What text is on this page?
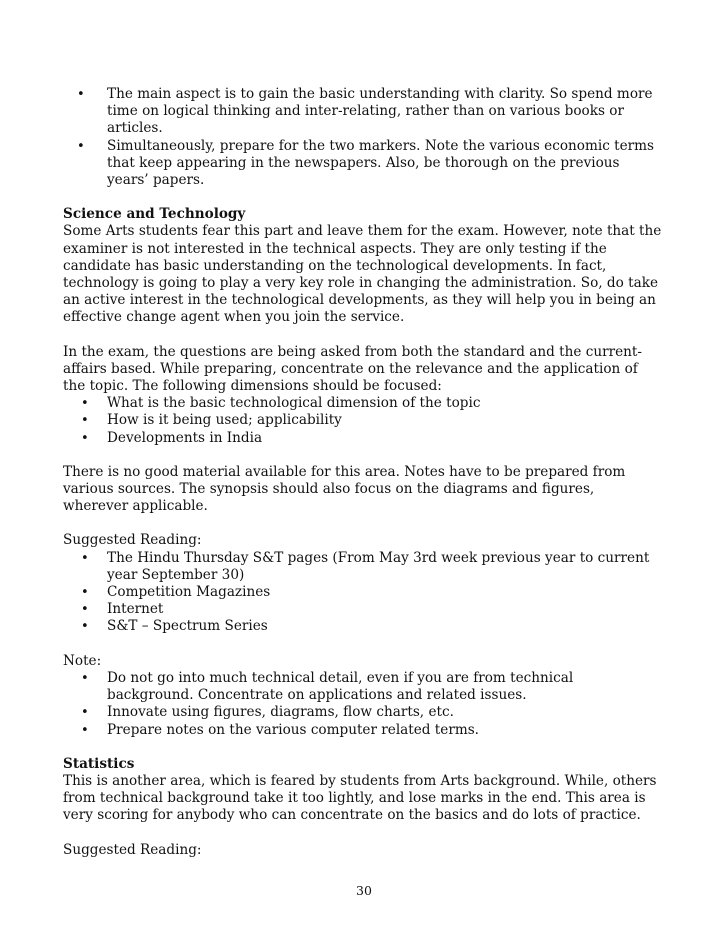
• The main aspect is to gain the basic understanding with clarity. So spend more time on logical thinking and inter-relating, rather than on various books or articles.
• Simultaneously, prepare for the two markers. Note the various economic terms that keep appearing in the newspapers. Also, be thorough on the previous years’ papers.

Science and Technology

Some Arts students fear this part and leave them for the exam. However, note that the examiner is not interested in the technical aspects. They are only testing if the candidate has basic understanding on the technological developments. In fact, technology is going to play a very key role in changing the administration. So, do take an active interest in the technological developments, as they will help you in being an effective change agent when you join the service.

In the exam, the questions are being asked from both the standard and the current-affairs based. While preparing, concentrate on the relevance and the application of the topic. The following dimensions should be focused:

• What is the basic technological dimension of the topic
• How is it being used; applicability
• Developments in India

There is no good material available for this area. Notes have to be prepared from various sources. The synopsis should also focus on the diagrams and figures, wherever applicable.

Suggested Reading:

• The Hindu Thursday S&T pages (From May 3rd week previous year to current year September 30)
• Competition Magazines
• Internet
• S&T – Spectrum Series

Note:

• Do not go into much technical detail, even if you are from technical background. Concentrate on applications and related issues.
• Innovate using figures, diagrams, flow charts, etc.
• Prepare notes on the various computer related terms.

Statistics

This is another area, which is feared by students from Arts background. While, others from technical background take it too lightly, and lose marks in the end. This area is very scoring for anybody who can concentrate on the basics and do lots of practice.

Suggested Reading:

30
